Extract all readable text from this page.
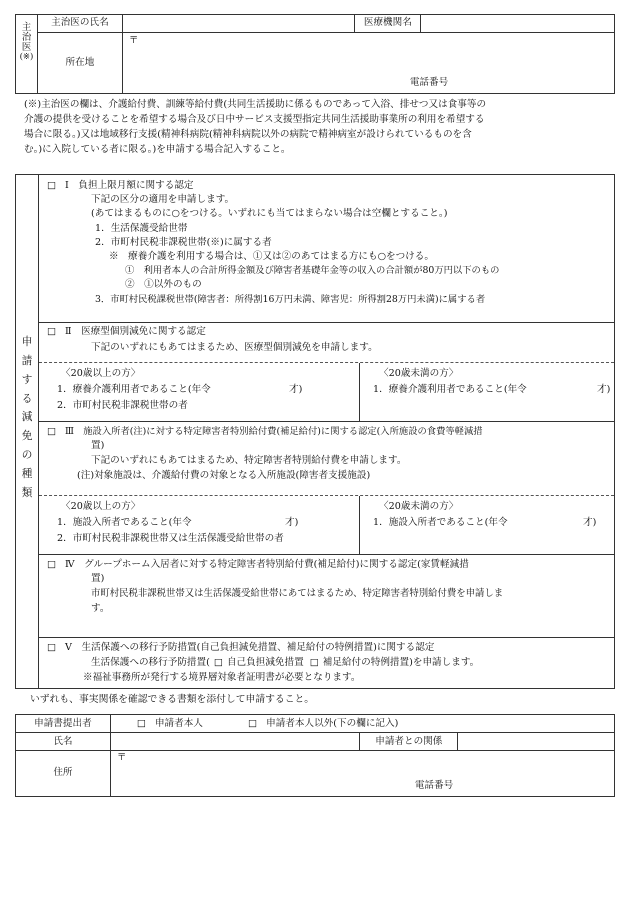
主
治
医
(※)	主治医の氏名		医療機関名	
	所在地	〒
電話番号		
(※)主治医の欄は、介護給付費、訓練等給付費(共同生活援助に係るものであって入浴、排せつ又は食事等の
介護の提供を受けることを希望する場合及び日中サービス支援型指定共同生活援助事業所の利用を希望する
場合に限る。)又は地域移行支援(精神科病院(精神科病院以外の病院で精神病室が設けられているものを含
む。)に入院している者に限る。)を申請する場合記入すること。
申
請
す
る
減
免
の
種
類
□ Ⅰ　負担上限月額に関する認定
下記の区分の適用を申請します。
(あてはまるものに○をつける。いずれにも当てはまらない場合は空欄とすること。)
1．生活保護受給世帯
2．市町村民税非課税世帯(※)に属する者
※　療養介護を利用する場合は、①又は②のあてはまる方にも○をつける。
①　利用者本人の合計所得金額及び障害者基礎年金等の収入の合計額が80万円以下のもの
②　①以外のもの
3．市町村民税課税世帯(障害者：所得割16万円未満、障害児：所得割28万円未満)に属する者
□ Ⅱ　医療型個別減免に関する認定
下記のいずれにもあてはまるため、医療型個別減免を申請します。
〈20歳以上の方〉
1．療養介護利用者であること(年令	才)
2．市町村民税非課税世帯の者
〈20歳未満の方〉
1．療養介護利用者であること(年令	才)
□ Ⅲ　施設入所者(注)に対する特定障害者特別給付費(補足給付)に関する認定(入所施設の食費等軽減措
置)
下記のいずれにもあてはまるため、特定障害者特別給付費を申請します。
(注)対象施設は、介護給付費の対象となる入所施設(障害者支援施設)
〈20歳以上の方〉
1．施設入所者であること(年令	才)
2．市町村民税非課税世帯又は生活保護受給世帯の者
〈20歳未満の方〉
1．施設入所者であること(年令	才)
□ Ⅳ　グループホーム入居者に対する特定障害者特別給付費(補足給付)に関する認定(家賃軽減措
置)
市町村民税非課税世帯又は生活保護受給世帯にあてはまるため、特定障害者特別給付費を申請しま
す。
□ Ⅴ　生活保護への移行予防措置(自己負担減免措置、補足給付の特例措置)に関する認定
生活保護への移行予防措置( □ 自己負担減免措置 □ 補足給付の特例措置)を申請します。
※福祉事務所が発行する境界層対象者証明書が必要となります。
いずれも、事実関係を確認できる書類を添付して申請すること。
申請書提出者	□ 申請者本人 □ 申請者本人以外(下の欄に記入)		
氏名		申請者との関係	
住所	〒
電話番号		
